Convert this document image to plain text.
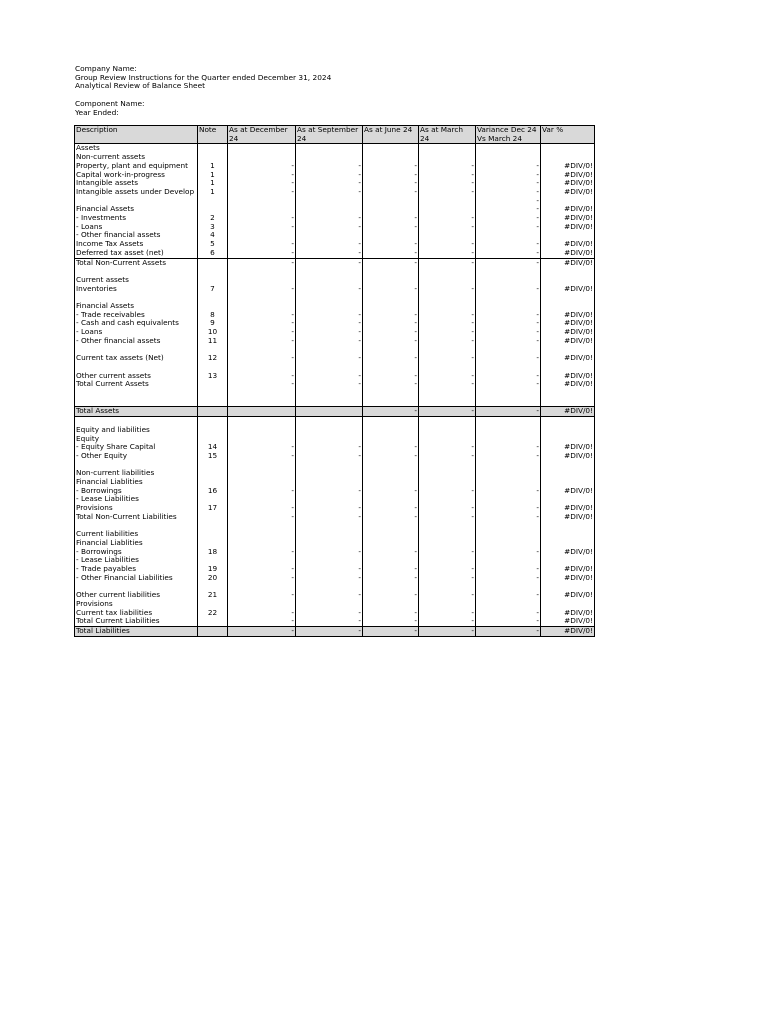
Company Name:
Group Review Instructions for the Quarter ended December 31, 2024
Analytical Review of Balance Sheet
Component Name:
Year Ended:
Description	Note	As at December 24	As at September 24	As at June 24	As at March 24	Variance Dec 24 Vs March 24	Var %
Assets							
Non-current assets							
Property, plant and equipment	1	-	-	-	-	-	#DIV/0!
Capital work-in-progress	1	-	-	-	-	-	#DIV/0!
Intangible assets	1	-	-	-	-	-	#DIV/0!
Intangible assets under Develop	1	-	-	-	-	-	#DIV/0!
						-	
Financial Assets						-	#DIV/0!
- Investments	2	-	-	-	-	-	#DIV/0!
- Loans	3	-	-	-	-	-	#DIV/0!
- Other financial assets	4						
Income Tax Assets	5	-	-	-	-	-	#DIV/0!
Deferred tax asset (net)	6	-	-	-	-	-	#DIV/0!
Total Non-Current Assets		-	-	-	-	-	#DIV/0!

Current assets							
Inventories	7	-	-	-	-	-	#DIV/0!

Financial Assets							
- Trade receivables	8	-	-	-	-	-	#DIV/0!
- Cash and cash equivalents	9	-	-	-	-	-	#DIV/0!
- Loans	10	-	-	-	-	-	#DIV/0!
- Other financial assets	11	-	-	-	-	-	#DIV/0!

Current tax assets (Net)	12	-	-	-	-	-	#DIV/0!

Other current assets	13	-	-	-	-	-	#DIV/0!
Total Current Assets		-	-	-	-	-	#DIV/0!

Total Assets				-	-	-	#DIV/0!

Equity and liabilities							
Equity							
- Equity Share Capital	14	-	-	-	-	-	#DIV/0!
- Other Equity	15	-	-	-	-	-	#DIV/0!

Non-current liabilities							
Financial Liablities							
- Borrowings	16	-	-	-	-	-	#DIV/0!
- Lease Liabilities							
Provisions	17	-	-	-	-	-	#DIV/0!
Total Non-Current Liabilities		-	-	-	-	-	#DIV/0!

Current liabilities							
Financial Liablities							
- Borrowings	18	-	-	-	-	-	#DIV/0!
- Lease Liabilities							
- Trade payables	19	-	-	-	-	-	#DIV/0!
- Other Financial Liabilities	20	-	-	-	-	-	#DIV/0!

Other current liabilities	21	-	-	-	-	-	#DIV/0!
Provisions							
Current tax liabilities	22	-	-	-	-	-	#DIV/0!
Total Current Liabilities		-	-	-	-	-	#DIV/0!
Total Liabilities		-	-	-	-	-	#DIV/0!
